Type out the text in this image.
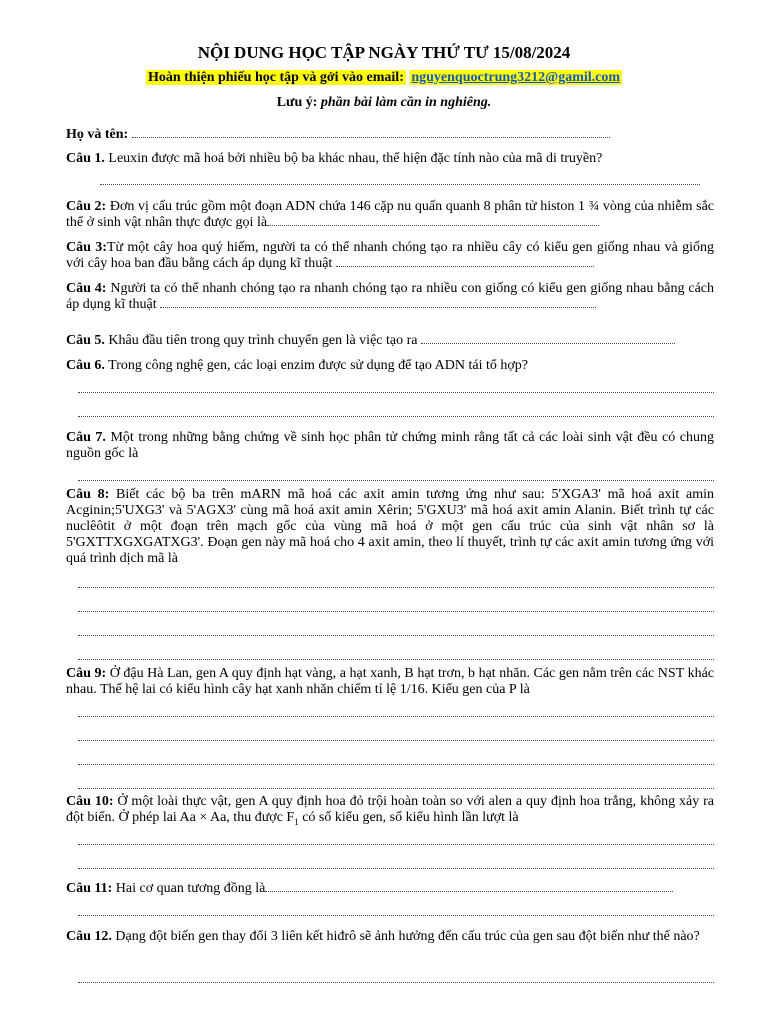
NỘI DUNG HỌC TẬP NGÀY THỨ TƯ 15/08/2024
Hoàn thiện phiếu học tập và gởi vào email: nguyenquoctrung3212@gamil.com
Lưu ý: phần bài làm cần in nghiêng.
Họ và tên:
Câu 1. Leuxin được mã hoá bởi nhiều bộ ba khác nhau, thể hiện đặc tính nào của mã di truyền?
Câu 2: Đơn vị cấu trúc gồm một đoạn ADN chứa 146 cặp nu quấn quanh 8 phân tử histon 1 ¾ vòng của nhiễm sắc thể ở sinh vật nhân thực được gọi là
Câu 3:Từ một cây hoa quý hiếm, người ta có thể nhanh chóng tạo ra nhiều cây có kiểu gen giống nhau và giống với cây hoa ban đầu bằng cách áp dụng kĩ thuật
Câu 4: Người ta có thể nhanh chóng tạo ra nhanh chóng tạo ra nhiều con giống có kiểu gen giống nhau bằng cách áp dụng kĩ thuật
Câu 5. Khâu đầu tiên trong quy trình chuyển gen là việc tạo ra
Câu 6. Trong công nghệ gen, các loại enzim được sử dụng để tạo ADN tái tổ hợp?
Câu 7. Một trong những bằng chứng về sinh học phân tử chứng minh rằng tất cả các loài sinh vật đều có chung nguồn gốc là
Câu 8: Biết các bộ ba trên mARN mã hoá các axit amin tương ứng như sau: 5'XGA3' mã hoá axit amin Acginin;5'UXG3' và 5'AGX3' cùng mã hoá axit amin Xêrin; 5'GXU3' mã hoá axit amin Alanin. Biết trình tự các nuclêôtit ở một đoạn trên mạch gốc của vùng mã hoá ở một gen cấu trúc của sinh vật nhân sơ là 5'GXTTXGXGATXG3'. Đoạn gen này mã hoá cho 4 axit amin, theo lí thuyết, trình tự các axit amin tương ứng với quá trình dịch mã là
Câu 9: Ở đậu Hà Lan, gen A quy định hạt vàng, a hạt xanh, B hạt trơn, b hạt nhăn. Các gen nằm trên các NST khác nhau. Thế hệ lai có kiểu hình cây hạt xanh nhăn chiếm tỉ lệ 1/16. Kiểu gen của P là
Câu 10: Ở một loài thực vật, gen A quy định hoa đỏ trội hoàn toàn so với alen a quy định hoa trắng, không xảy ra đột biến. Ở phép lai Aa × Aa, thu được $F_1$ có số kiểu gen, số kiểu hình lần lượt là
Câu 11: Hai cơ quan tương đồng là
Câu 12. Dạng đột biến gen thay đổi 3 liên kết hiđrô sẽ ảnh hưởng đến cấu trúc của gen sau đột biến như thế nào?
